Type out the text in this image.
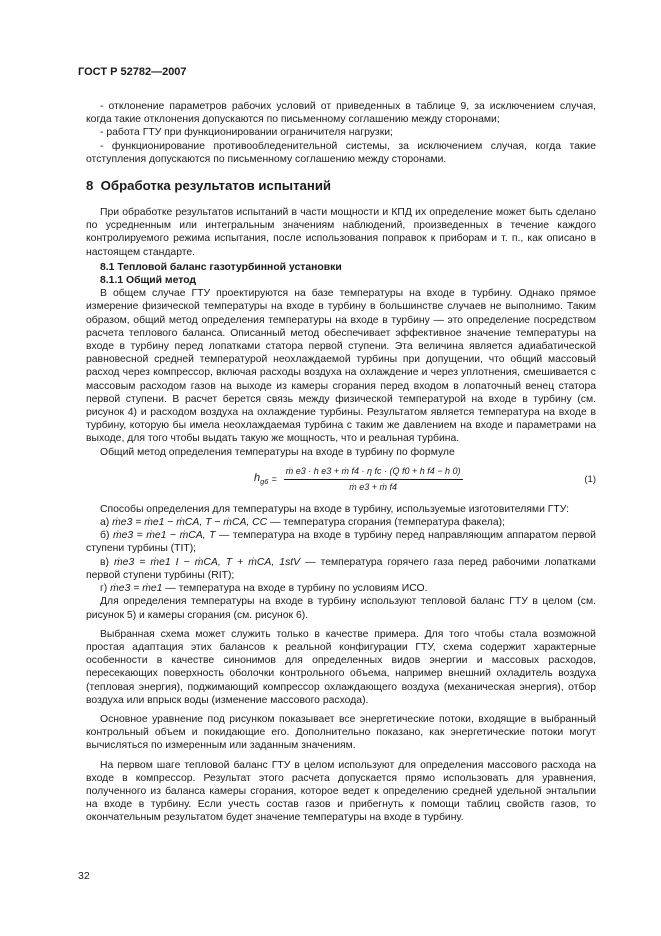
ГОСТ Р 52782—2007

- отклонение параметров рабочих условий от приведенных в таблице 9, за исключением случая, когда такие отклонения допускаются по письменному соглашению между сторонами;

- работа ГТУ при функционировании ограничителя нагрузки;

- функционирование противообледенительной системы, за исключением случая, когда такие отступления допускаются по письменному соглашению между сторонами.

8 Обработка результатов испытаний

При обработке результатов испытаний в части мощности и КПД их определение может быть сделано по усредненным или интегральным значениям наблюдений, произведенных в течение каждого контролируемого режима испытания, после использования поправок к приборам и т. п., как описано в настоящем стандарте.

8.1 Тепловой баланс газотурбинной установки

8.1.1 Общий метод

В общем случае ГТУ проектируются на базе температуры на входе в турбину. Однако прямое измерение физической температуры на входе в турбину в большинстве случаев не выполнимо. Таким образом, общий метод определения температуры на входе в турбину — это определение посредством расчета теплового баланса. Описанный метод обеспечивает эффективное значение температуры на входе в турбину перед лопатками статора первой ступени. Эта величина является адиабатической равновесной средней температурой неохлаждаемой турбины при допущении, что общий массовый расход через компрессор, включая расходы воздуха на охлаждение и через уплотнения, смешивается с массовым расходом газов на выходе из камеры сгорания перед входом в лопаточный венец статора первой ступени. В расчет берется связь между физической температурой на входе в турбину (см. рисунок 4) и расходом воздуха на охлаждение турбины. Результатом является температура на входе в турбину, которую бы имела неохлаждаемая турбина с таким же давлением на входе и параметрами на выходе, для того чтобы выдать такую же мощность, что и реальная турбина.

Общий метод определения температуры на входе в турбину по формуле

$h_{g6} = \frac{\text{ṁ e3 · h e3 + ṁ f4 · η fc · (Q f0 + h f4 − h 0)}}{\text{ṁ e3 + ṁ f4}}$	(1)

Способы определения для температуры на входе в турбину, используемые изготовителями ГТУ:

а) ṁe3 = ṁe1 − ṁCA, T − ṁCA, CC — температура сгорания (температура факела);

б) ṁe3 = ṁe1 − ṁCA, T — температура на входе в турбину перед направляющим аппаратом первой ступени турбины (TIT);

в) ṁe3 = ṁe1 I − ṁCA, T + ṁCA, 1stV — температура горячего газа перед рабочими лопатками первой ступени турбины (RIT);

г) ṁe3 = ṁe1 — температура на входе в турбину по условиям ИСО.

Для определения температуры на входе в турбину используют тепловой баланс ГТУ в целом (см. рисунок 5) и камеры сгорания (см. рисунок 6).

Выбранная схема может служить только в качестве примера. Для того чтобы стала возможной простая адаптация этих балансов к реальной конфигурации ГТУ, схема содержит характерные особенности в качестве синонимов для определенных видов энергии и массовых расходов, пересекающих поверхность оболочки контрольного объема, например внешний охладитель воздуха (тепловая энергия), поджимающий компрессор охлаждающего воздуха (механическая энергия), отбор воздуха или впрыск воды (изменение массового расхода).

Основное уравнение под рисунком показывает все энергетические потоки, входящие в выбранный контрольный объем и покидающие его. Дополнительно показано, как энергетические потоки могут вычисляться по измеренным или заданным значениям.

На первом шаге тепловой баланс ГТУ в целом используют для определения массового расхода на входе в компрессор. Результат этого расчета допускается прямо использовать для уравнения, полученного из баланса камеры сгорания, которое ведет к определению средней удельной энтальпии на входе в турбину. Если учесть состав газов и прибегнуть к помощи таблиц свойств газов, то окончательным результатом будет значение температуры на входе в турбину.

32
